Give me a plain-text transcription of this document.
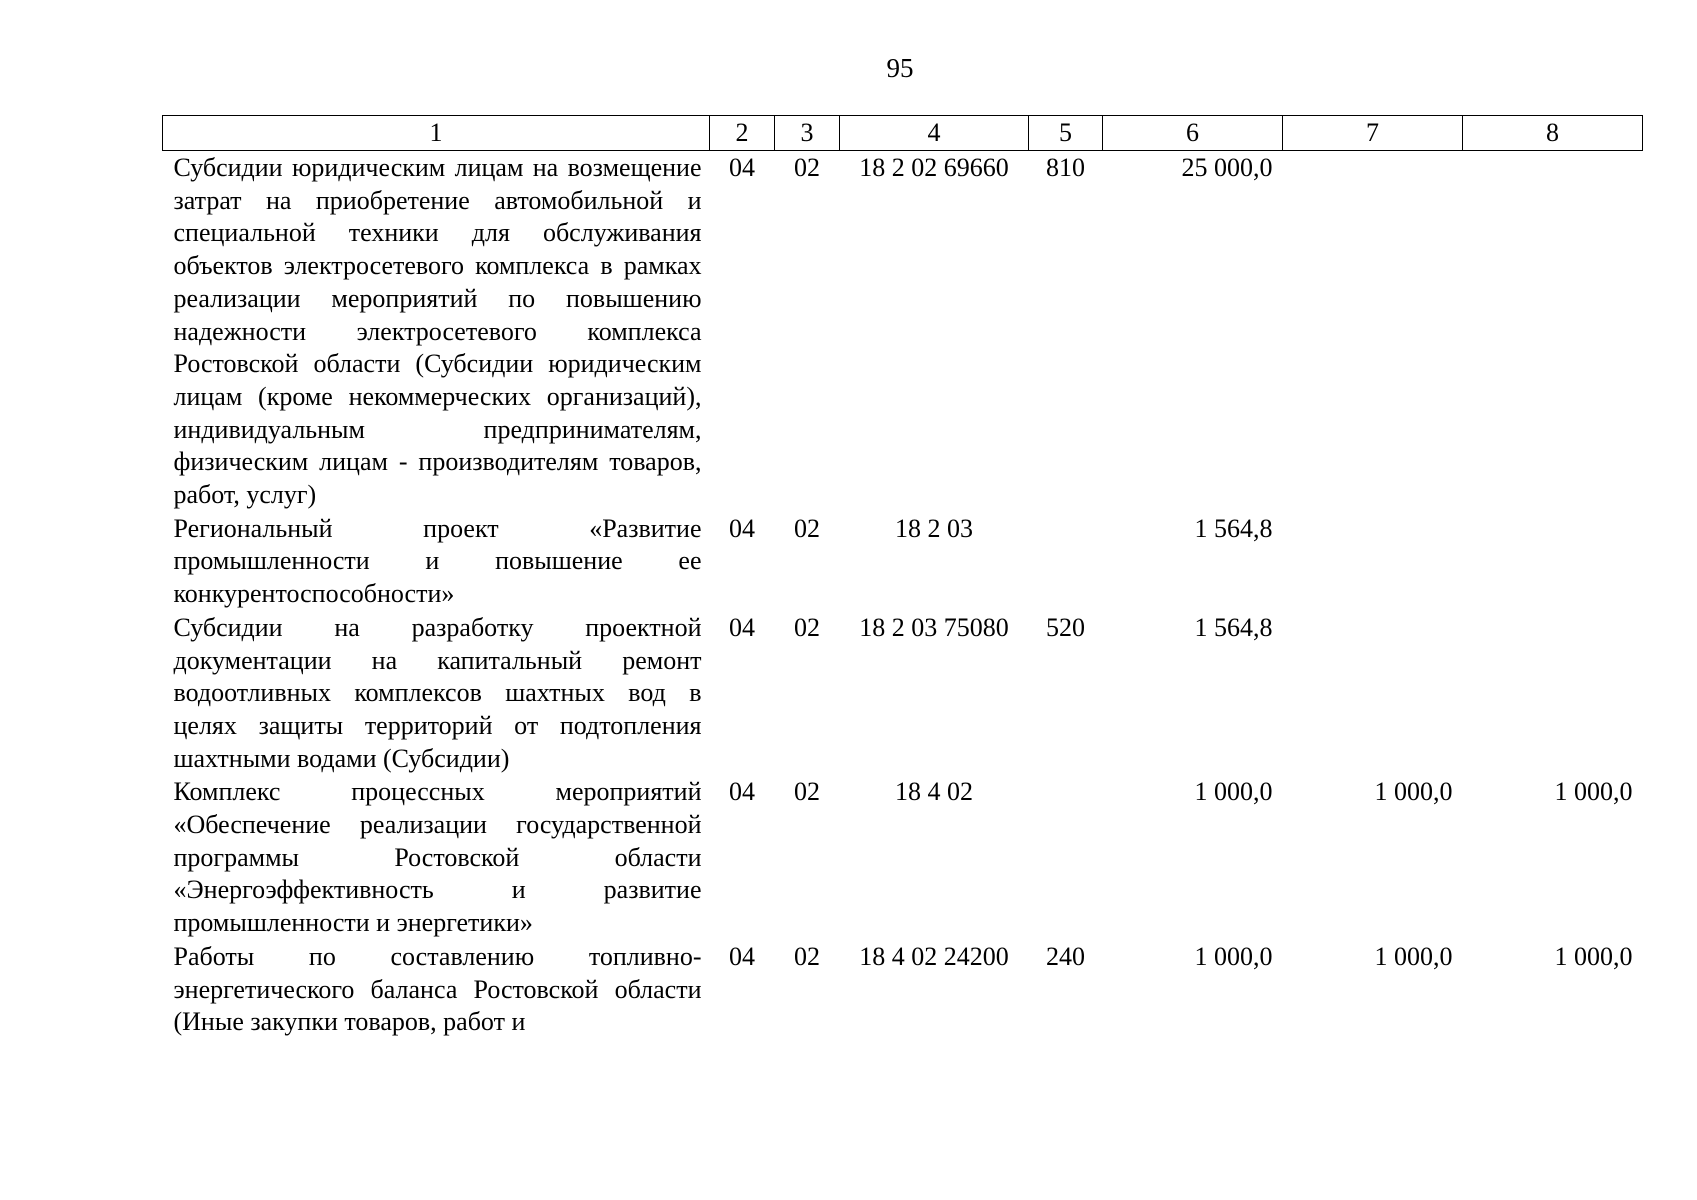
95
1	2	3	4	5	6	7	8
Субсидии юридическим лицам на возмещение затрат на приобретение автомобильной и специальной техники для обслуживания объектов электросетевого комплекса в рамках реализации мероприятий по повышению надежности электросетевого комплекса Ростовской области (Субсидии юридическим лицам (кроме некоммерческих организаций), индивидуальным предпринимателям, физическим лицам - производителям товаров, работ, услуг)	04	02	18 2 02 69660	810	25 000,0		
Региональный проект «Развитие промышленности и повышение ее конкурентоспособности»	04	02	18 2 03		1 564,8		
Субсидии на разработку проектной документации на капитальный ремонт водоотливных комплексов шахтных вод в целях защиты территорий от подтопления шахтными водами (Субсидии)	04	02	18 2 03 75080	520	1 564,8		
Комплекс процессных мероприятий «Обеспечение реализации государственной программы Ростовской области «Энергоэффективность и развитие промышленности и энергетики»	04	02	18 4 02		1 000,0	1 000,0	1 000,0
Работы по составлению топливно-энергетического баланса Ростовской области (Иные закупки товаров, работ и	04	02	18 4 02 24200	240	1 000,0	1 000,0	1 000,0
